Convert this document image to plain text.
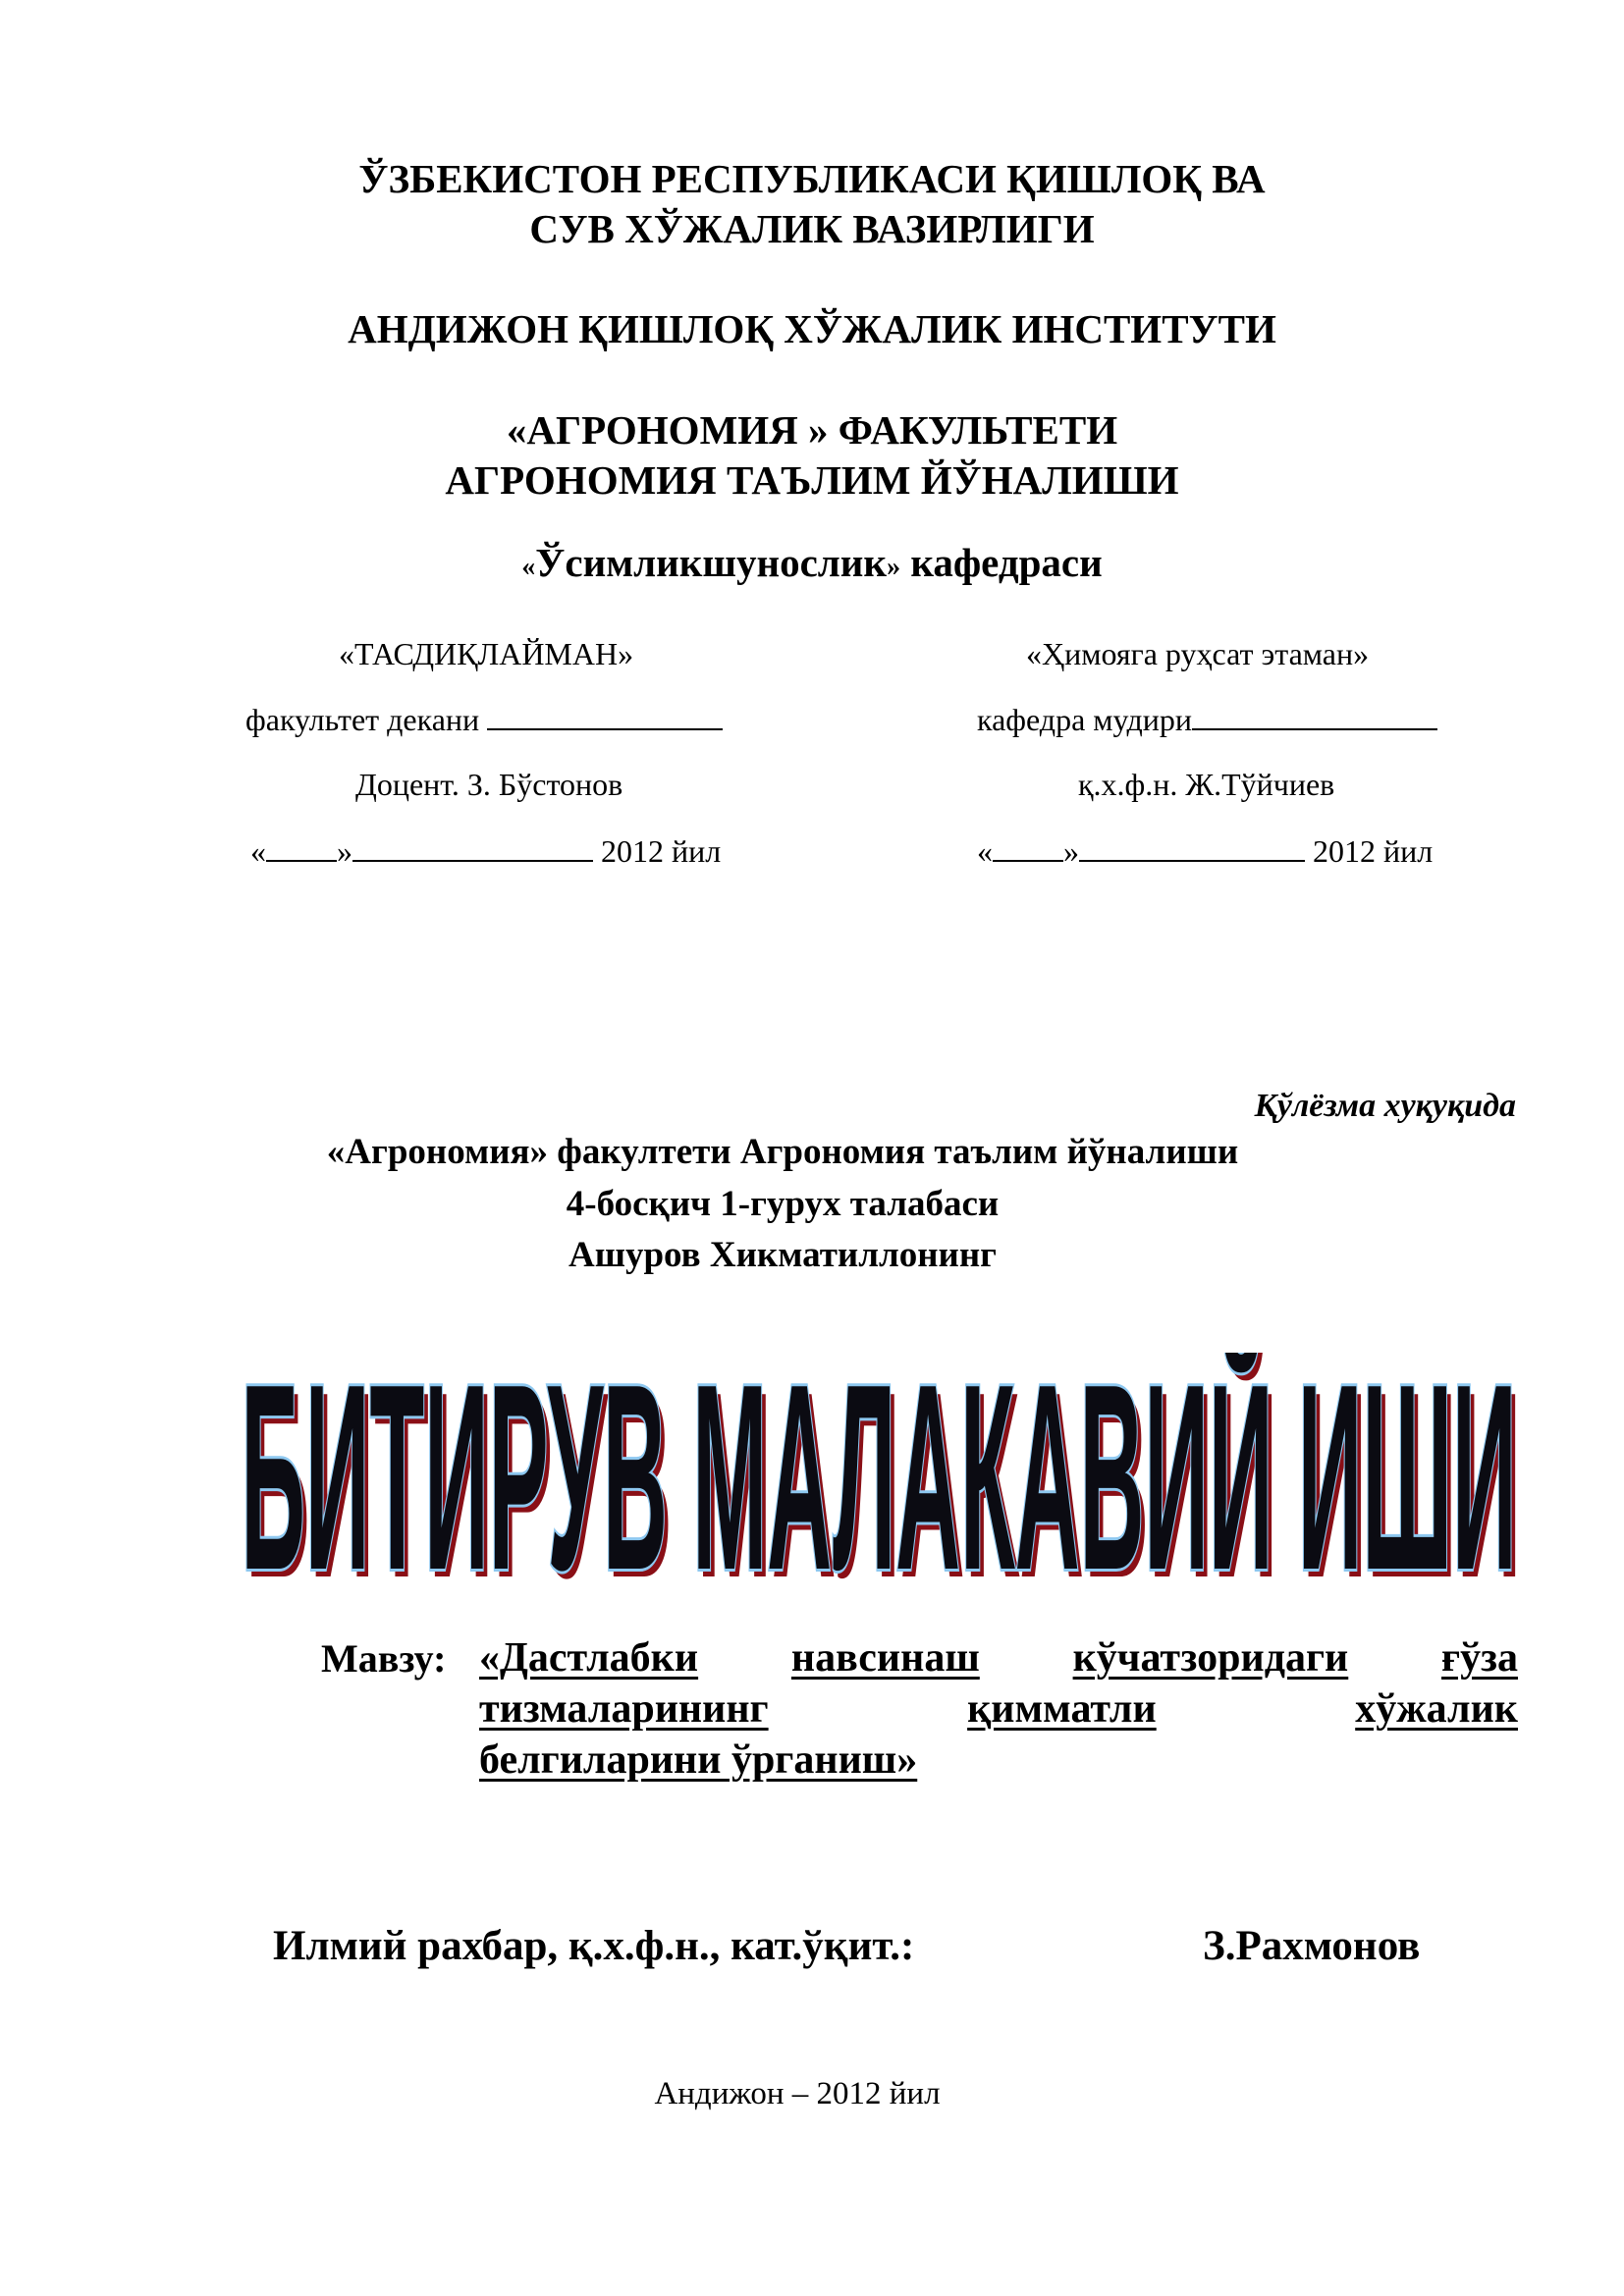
ЎЗБЕКИСТОН РЕСПУБЛИКАСИ ҚИШЛОҚ ВА
СУВ ХЎЖАЛИК ВАЗИРЛИГИ
АНДИЖОН ҚИШЛОҚ ХЎЖАЛИК ИНСТИТУТИ
«АГРОНОМИЯ » ФАКУЛЬТЕТИ
АГРОНОМИЯ ТАЪЛИМ ЙЎНАЛИШИ
«Ўсимликшунослик» кафедраси
«ТАСДИҚЛАЙМАН»
факультет декани
Доцент. З. Бўстонов
« »	2012 йил
«Ҳимояга руҳсат этаман»
кафедра мудири
қ.х.ф.н. Ж.Тўйчиев
« »	2012 йил
Қўлёзма хуқуқида
«Агрономия» факултети Агрономия таълим йўналиши
4-босқич 1-гурух талабаси
Ашуров Хикматиллонинг
БИТИРУВ МАЛАКАВИЙ ИШИ
БИТИРУВ МАЛАКАВИЙ ИШИ
Мавзу: «Дастлабки навсинаш кўчатзоридаги ғўза
тизмаларининг	қимматли	хўжалик
белгиларини ўрганиш»
Илмий рахбар, қ.х.ф.н., кат.ўқит.:	З.Рахмонов
Андижон – 2012 йил
